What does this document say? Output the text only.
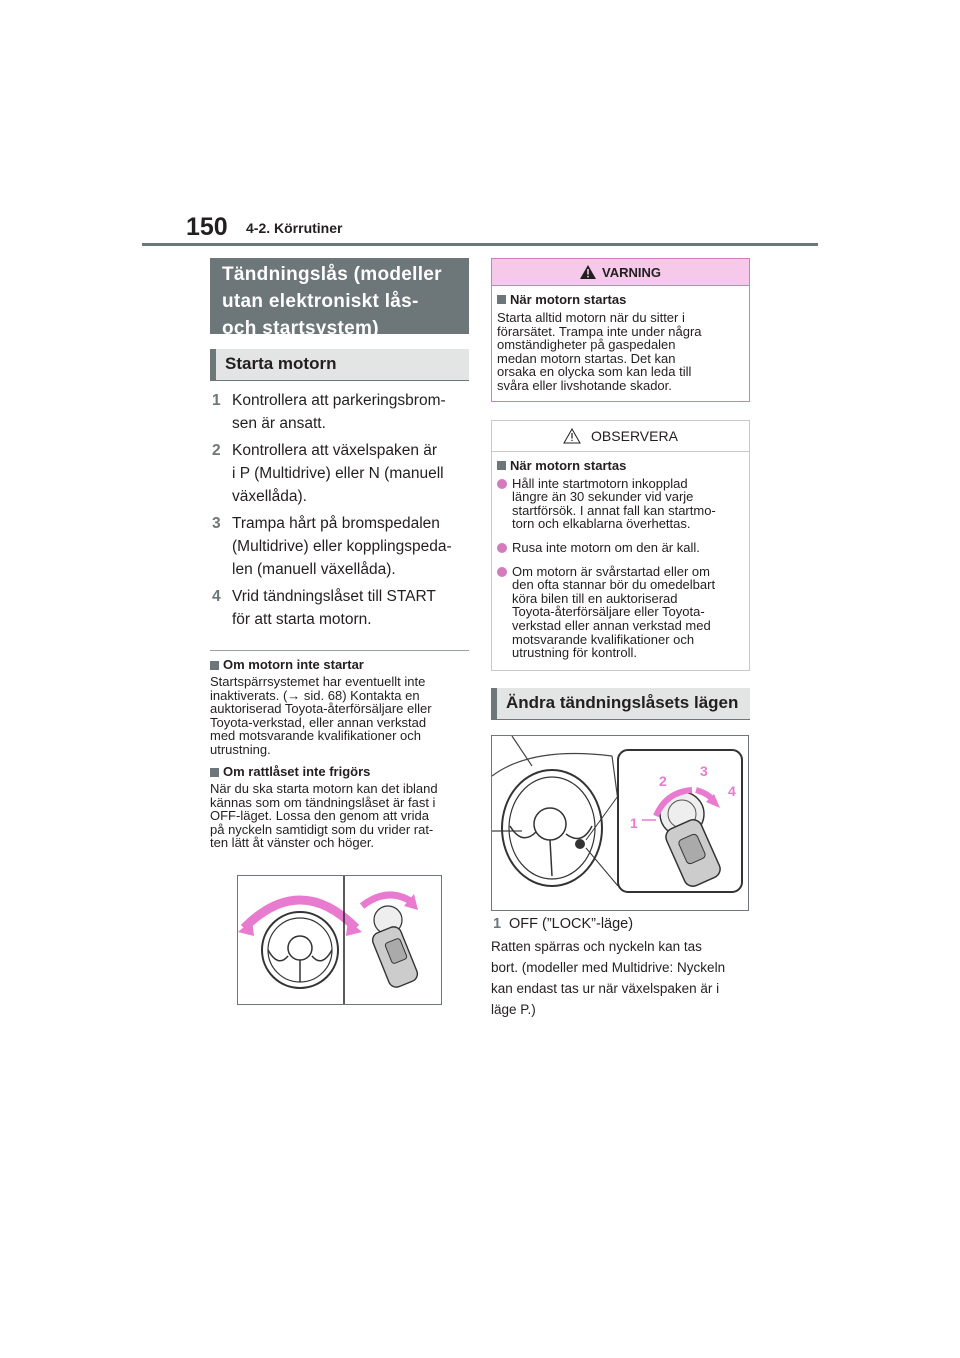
150 4-2. Körrutiner
Tändningslås (modeller
utan elektroniskt lås-
och startsystem)
Starta motorn
1 Kontrollera att parkeringsbrom-
sen är ansatt.
2 Kontrollera att växelspaken är
i P (Multidrive) eller N (manuell
växellåda).
3 Trampa hårt på bromspedalen
(Multidrive) eller kopplingspeda-
len (manuell växellåda).
4 Vrid tändningslåset till START
för att starta motorn.
Om motorn inte startar
Startspärrsystemet har eventuellt inte
inaktiverats. (→ sid. 68) Kontakta en
auktoriserad Toyota-återförsäljare eller
Toyota-verkstad, eller annan verkstad
med motsvarande kvalifikationer och
utrustning.
Om rattlåset inte frigörs
När du ska starta motorn kan det ibland
kännas som om tändningslåset är fast i
OFF-läget. Lossa den genom att vrida
på nyckeln samtidigt som du vrider rat-
ten lätt åt vänster och höger.
VARNING
När motorn startas
Starta alltid motorn när du sitter i
förarsätet. Trampa inte under några
omständigheter på gaspedalen
medan motorn startas. Det kan
orsaka en olycka som kan leda till
svåra eller livshotande skador.
OBSERVERA
När motorn startas
Håll inte startmotorn inkopplad
längre än 30 sekunder vid varje
startförsök. I annat fall kan startmo-
torn och elkablarna överhettas.
Rusa inte motorn om den är kall.
Om motorn är svårstartad eller om
den ofta stannar bör du omedelbart
köra bilen till en auktoriserad
Toyota-återförsäljare eller Toyota-
verkstad eller annan verkstad med
motsvarande kvalifikationer och
utrustning för kontroll.
Ändra tändningslåsets lägen
1
2
3
4
1 OFF (”LOCK”-läge)
Ratten spärras och nyckeln kan tas
bort. (modeller med Multidrive: Nyckeln
kan endast tas ur när växelspaken är i
läge P.)
